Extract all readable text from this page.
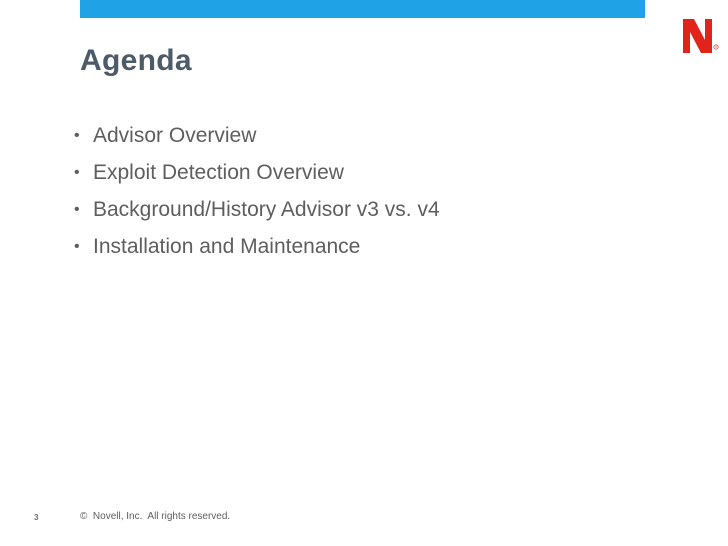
®
Agenda
• Advisor Overview
• Exploit Detection Overview
• Background/History Advisor v3 vs. v4
• Installation and Maintenance
3	©  Novell, Inc.  All rights reserved.
